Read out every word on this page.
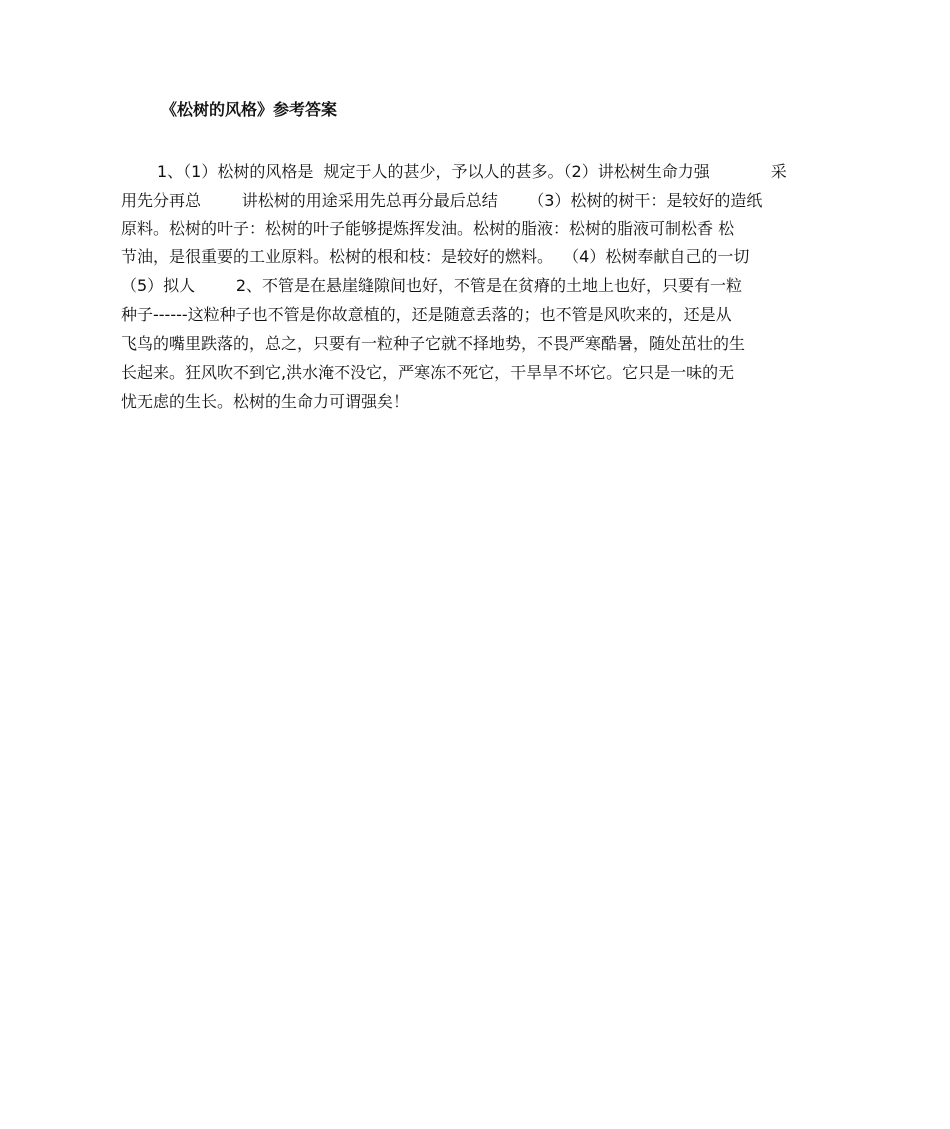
《松树的风格》参考答案
1、（1）松树的风格是  规定于人的甚少，予以人的甚多。（2）讲松树生命力强            采
用先分再总        讲松树的用途采用先总再分最后总结      （3）松树的树干：是较好的造纸
原料。松树的叶子：松树的叶子能够提炼挥发油。松树的脂液：松树的脂液可制松香 松
节油，是很重要的工业原料。松树的根和枝：是较好的燃料。  （4）松树奉献自己的一切
（5）拟人        2、不管是在悬崖缝隙间也好，不管是在贫瘠的土地上也好，只要有一粒
种子------这粒种子也不管是你故意植的，还是随意丢落的；也不管是风吹来的，还是从
飞鸟的嘴里跌落的，总之，只要有一粒种子它就不择地势，不畏严寒酷暑，随处茁壮的生
长起来。狂风吹不到它,洪水淹不没它，严寒冻不死它，干旱旱不坏它。它只是一味的无
忧无虑的生长。松树的生命力可谓强矣！
